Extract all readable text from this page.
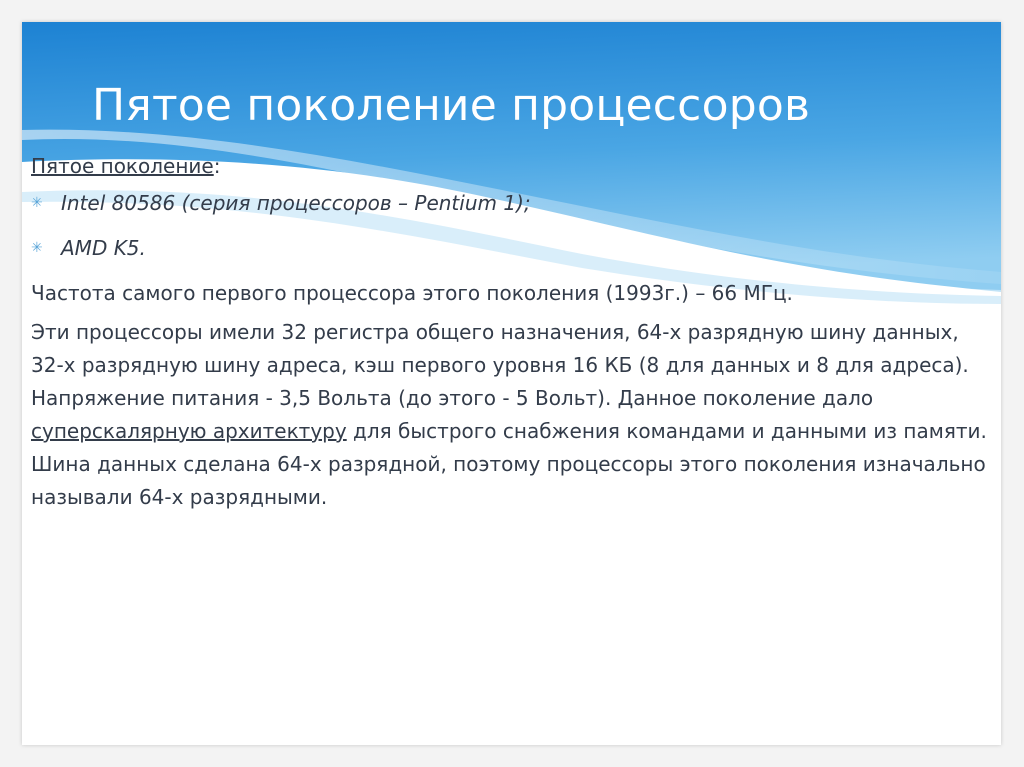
Пятое поколение процессоров

Пятое поколение:

✳ Intel 80586 (серия процессоров – Pentium 1);

✳ AMD K5.

Частота самого первого процессора этого поколения (1993г.) – 66 МГц.

Эти процессоры имели 32 регистра общего назначения, 64-х разрядную шину данных, 32-х разрядную шину адреса, кэш первого уровня 16 КБ (8 для данных и 8 для адреса). Напряжение питания - 3,5 Вольта (до этого - 5 Вольт). Данное поколение дало суперскалярную архитектуру для быстрого снабжения командами и данными из памяти. Шина данных сделана 64-х разрядной, поэтому процессоры этого поколения изначально называли 64-х разрядными.
